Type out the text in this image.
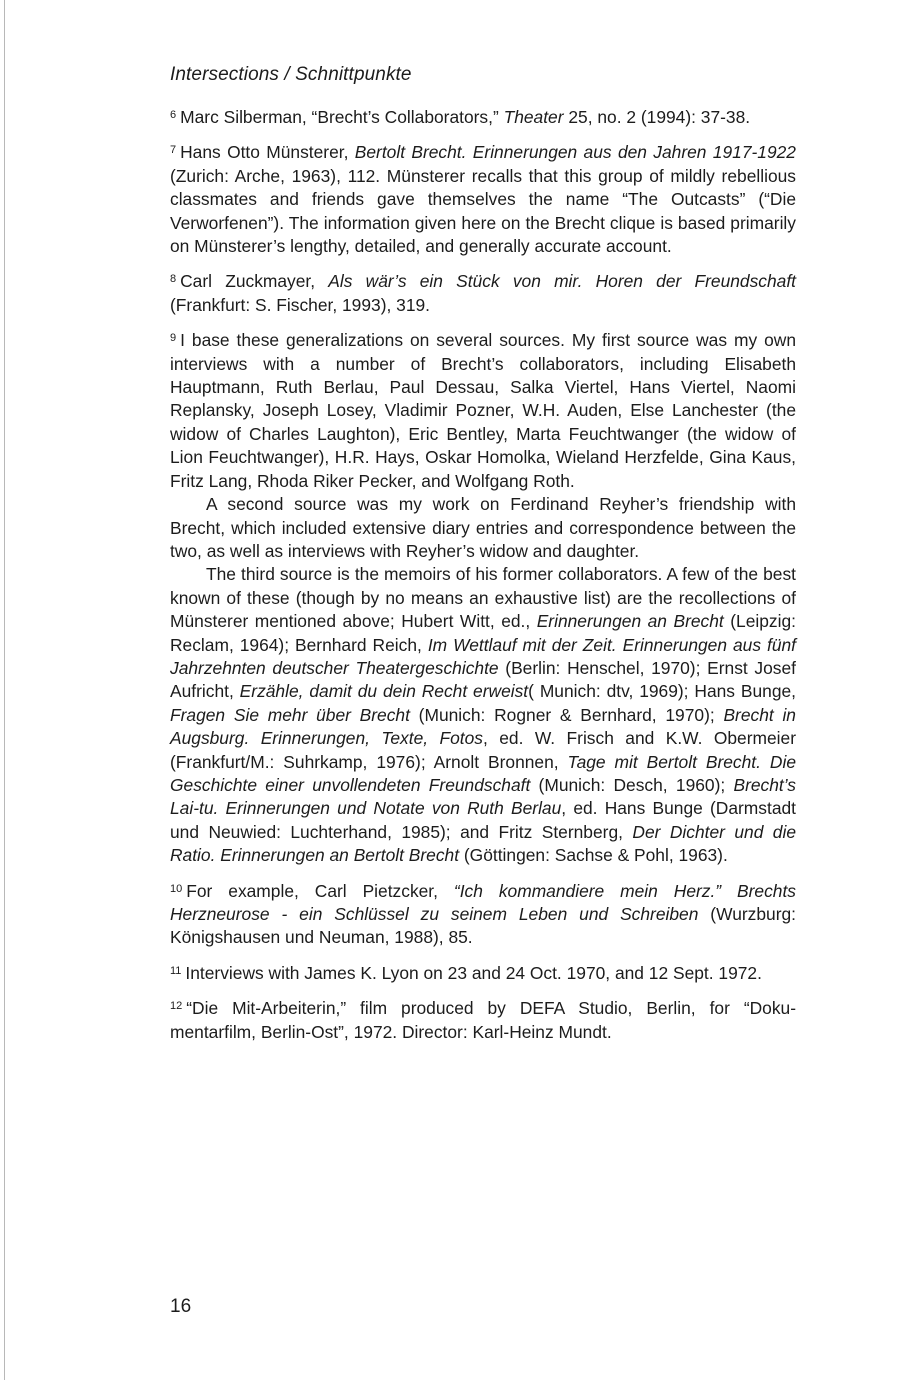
Intersections / Schnittpunkte

$^6$ Marc Silberman, “Brecht’s Collaborators,” Theater 25, no. 2 (1994): 37-38.

$^7$ Hans Otto Münsterer, Bertolt Brecht. Erinnerungen aus den Jahren 1917-1922 (Zurich: Arche, 1963), 112. Münsterer recalls that this group of mildly rebellious classmates and friends gave themselves the name “The Outcasts” (“Die Verworfenen”). The information given here on the Brecht clique is based primarily on Münsterer’s lengthy, detailed, and generally accurate account.

$^8$ Carl Zuckmayer, Als wär’s ein Stück von mir. Horen der Freundschaft (Frankfurt: S. Fischer, 1993), 319.

$^9$ I base these generalizations on several sources. My first source was my own interviews with a number of Brecht’s collaborators, including Elisabeth Hauptmann, Ruth Berlau, Paul Dessau, Salka Viertel, Hans Viertel, Naomi Replansky, Joseph Losey, Vladimir Pozner, W.H. Auden, Else Lanchester (the widow of Charles Laughton), Eric Bentley, Marta Feuchtwanger (the widow of Lion Feuchtwanger), H.R. Hays, Oskar Homolka, Wieland Herzfelde, Gina Kaus, Fritz Lang, Rhoda Riker Pecker, and Wolfgang Roth.

A second source was my work on Ferdinand Reyher’s friendship with Brecht, which included extensive diary entries and correspondence between the two, as well as interviews with Reyher’s widow and daughter.

The third source is the memoirs of his former collaborators. A few of the best known of these (though by no means an exhaustive list) are the recollections of Münsterer mentioned above; Hubert Witt, ed., Erinnerungen an Brecht (Leipzig: Reclam, 1964); Bernhard Reich, Im Wettlauf mit der Zeit. Erinnerungen aus fünf Jahrzehnten deutscher Theatergeschichte (Berlin: Henschel, 1970); Ernst Josef Aufricht, Erzähle, damit du dein Recht erweist( Munich: dtv, 1969); Hans Bunge, Fragen Sie mehr über Brecht (Munich: Rogner & Bernhard, 1970); Brecht in Augsburg. Erinnerungen, Texte, Fotos, ed. W. Frisch and K.W. Obermeier (Frankfurt/M.: Suhrkamp, 1976); Arnolt Bronnen, Tage mit Bertolt Brecht. Die Geschichte einer unvollendeten Freundschaft (Munich: Desch, 1960); Brecht’s Lai-tu. Erinnerungen und Notate von Ruth Berlau, ed. Hans Bunge (Darmstadt und Neuwied: Luchterhand, 1985); and Fritz Sternberg, Der Dichter und die Ratio. Erinnerungen an Bertolt Brecht (Göttingen: Sachse & Pohl, 1963).

$^{10}$ For example, Carl Pietzcker, “Ich kommandiere mein Herz.” Brechts Herzneurose - ein Schlüssel zu seinem Leben und Schreiben (Wurzburg: Königshausen und Neuman, 1988), 85.

$^{11}$ Interviews with James K. Lyon on 23 and 24 Oct. 1970, and 12 Sept. 1972.

$^{12}$ “Die Mit-Arbeiterin,” film produced by DEFA Studio, Berlin, for “Doku-mentarfilm, Berlin-Ost”, 1972. Director: Karl-Heinz Mundt.

16
